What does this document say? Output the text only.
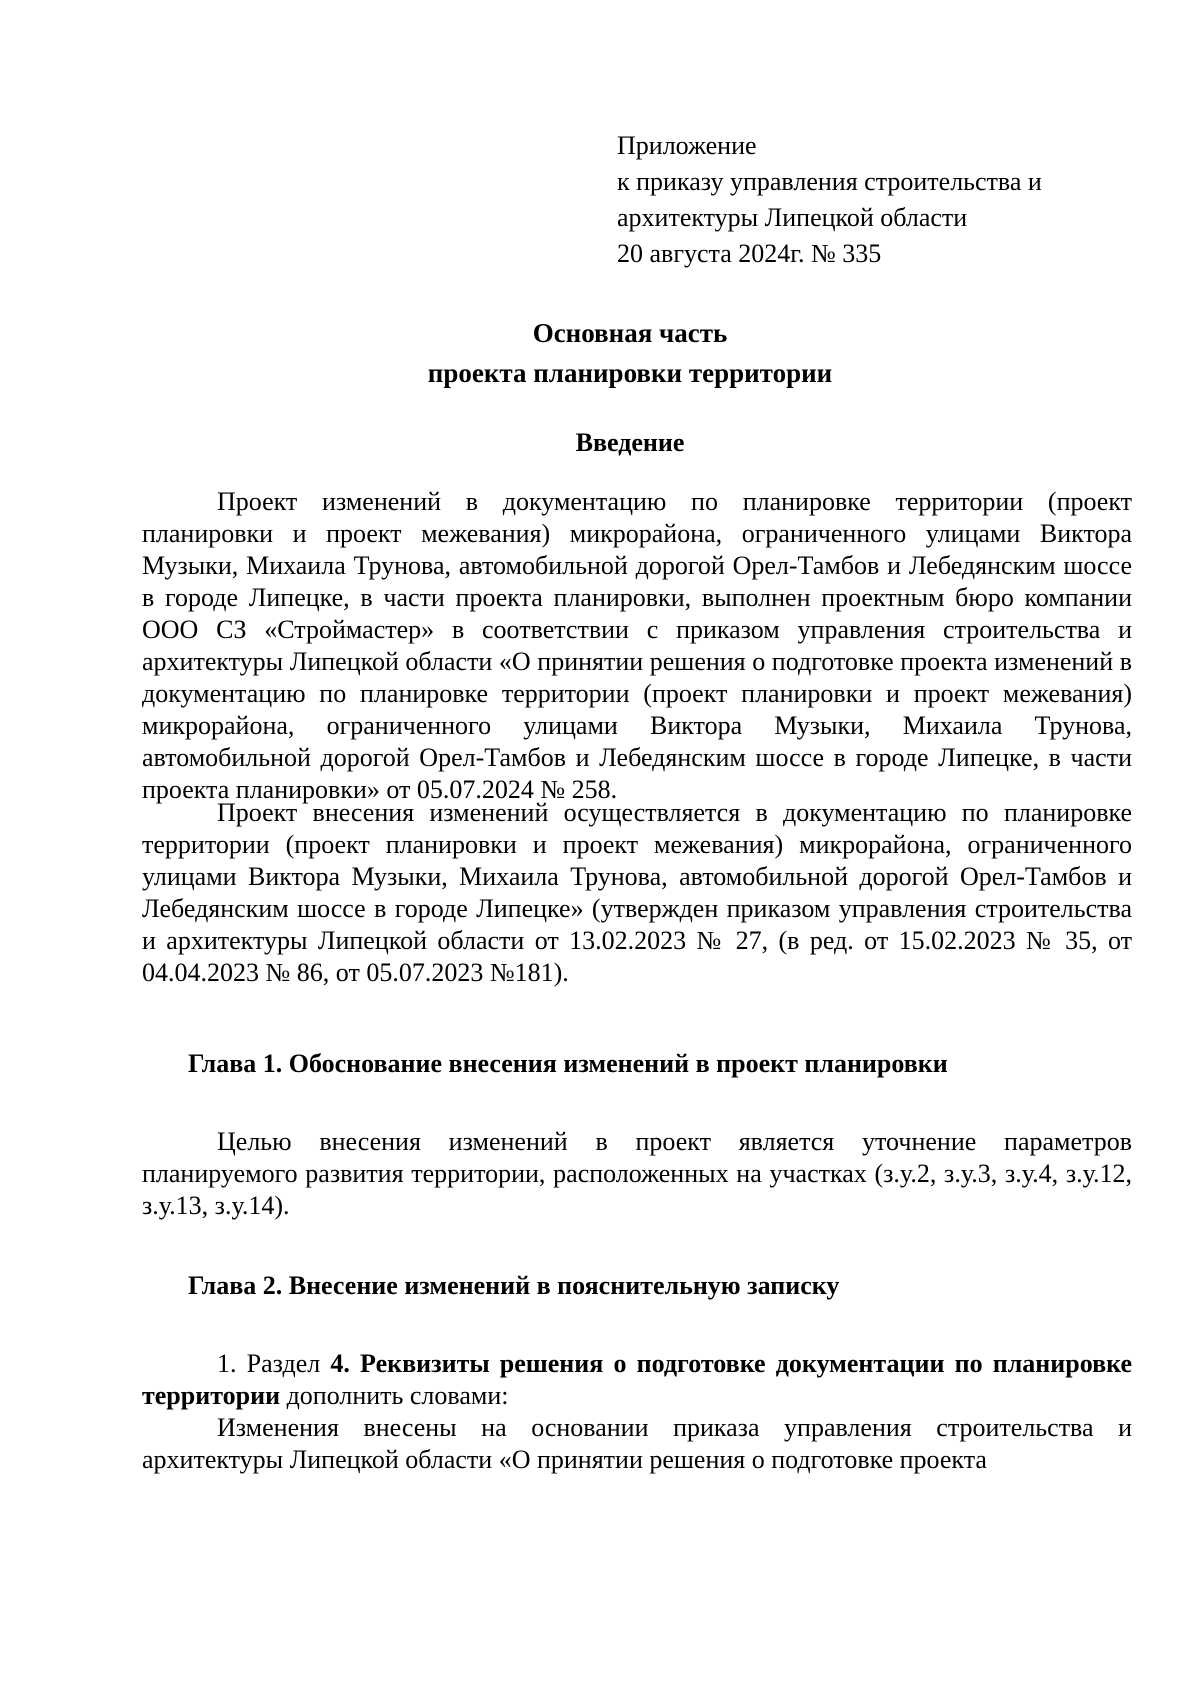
Приложение
к приказу управления строительства и
архитектуры Липецкой области
20 августа 2024г. № 335
Основная часть
проекта планировки территории
Введение

Проект изменений в документацию по планировке территории (проект планировки и проект межевания) микрорайона, ограниченного улицами Виктора Музыки, Михаила Трунова, автомобильной дорогой Орел-Тамбов и Лебедянским шоссе в городе Липецке, в части проекта планировки, выполнен проектным бюро компании ООО СЗ «Строймастер» в соответствии с приказом управления строительства и архитектуры Липецкой области «О принятии решения о подготовке проекта изменений в документацию по планировке территории (проект планировки и проект межевания) микрорайона, ограниченного улицами Виктора Музыки, Михаила Трунова, автомобильной дорогой Орел-Тамбов и Лебедянским шоссе в городе Липецке, в части проекта планировки» от 05.07.2024 № 258.

Проект внесения изменений осуществляется в документацию по планировке территории (проект планировки и проект межевания) микрорайона, ограниченного улицами Виктора Музыки, Михаила Трунова, автомобильной дорогой Орел-Тамбов и Лебедянским шоссе в городе Липецке» (утвержден приказом управления строительства и архитектуры Липецкой области от 13.02.2023 № 27, (в ред. от 15.02.2023 № 35, от 04.04.2023 № 86, от 05.07.2023 №181).

Глава 1. Обоснование внесения изменений в проект планировки

Целью внесения изменений в проект является уточнение параметров планируемого развития территории, расположенных на участках (з.у.2, з.у.3, з.у.4, з.у.12, з.у.13, з.у.14).

Глава 2. Внесение изменений в пояснительную записку

1. Раздел 4. Реквизиты решения о подготовке документации по планировке территории дополнить словами:

Изменения внесены на основании приказа управления строительства и архитектуры Липецкой области «О принятии решения о подготовке проекта
